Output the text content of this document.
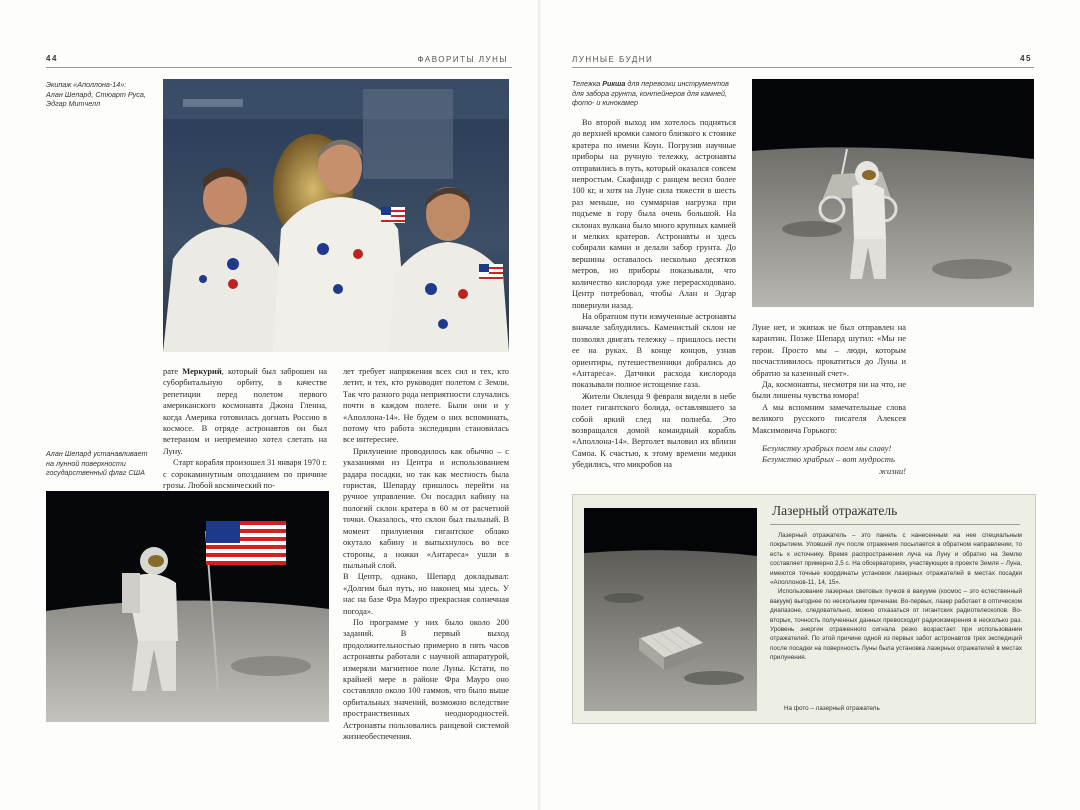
44	ФАВОРИТЫ ЛУНЫ	ЛУННЫЕ БУДНИ	45
Экипаж «Аполлона-14»:
Алан Шепард, Стюарт Руса,
Эдгар Митчелл
Алан Шепард устанавливает
на лунной поверхности
государственный флаг США

рате Меркурий, который был заброшен на суборбитальную орбиту, в качестве репетиции перед полетом первого американского космонавта Джона Гленна, когда Америка готовилась догнать Россию в космосе. В отряде астронавтов он был ветераном и непременно хотел слетать на Луну.

Старт корабля произошел 31 января 1970 г. с сорокаминутным опозданием по причине грозы. Любой космический по-

лет требует напряжения всех сил и тех, кто летит, и тех, кто руководит полетом с Земли. Так что разного рода неприятности случались почти в каждом полете. Были они и у «Аполлона-14». Не будем о них вспоминать, потому что работа экспедиции становилась все интереснее.

Прилунение проводилось как обычно – с указаниями из Центра и использованием радара посадки, но так как местность была гористая, Шепарду пришлось перейти на ручное управление. Он посадил кабину на пологий склон кратера в 60 м от расчетной точки. Оказалось, что склон был пыльный. В момент прилунения гигантское облако окутало кабину и выпыхнулось во все стороны, а ножки «Антареса» ушли в пыльный слой.

В Центр, однако, Шепард докладывал: «Долгим был путь, но наконец мы здесь. У нас на базе Фра Мауро прекрасная солнечная погода».

По программе у них было около 200 заданий. В первый выход продолжительностью примерно в пять часов астронавты работали с научной аппаратурой, измеряли магнитное поле Луны. Кстати, по крайней мере в районе Фра Мауро оно составляло около 100 гаммов, что было выше орбитальных значений, возможно вследствие пространственных неоднородностей. Астронавты пользовались ранцевой системой жизнеобеспечения.

Тележка Рикша для перевозки инструментов для забора грунта, контейнеров для камней, фото- и кинокамер

Во второй выход им хотелось подняться до верхней кромки самого близкого к стоянке кратера по имени Коун. Погрузив научные приборы на ручную тележку, астронавты отправились в путь, который оказался совсем непростым. Скафандр с ранцем весил более 100 кг, и хотя на Луне сила тяжести в шесть раз меньше, но суммарная нагрузка при подъеме в гору была очень большой. На склонах вулкана было много крупных камней и мелких кратеров. Астронавты и здесь собирали камни и делали забор грунта. До вершины оставалось несколько десятков метров, но приборы показывали, что количество кислорода уже перерасходовано. Центр потребовал, чтобы Алан и Эдгар повернули назад.

На обратном пути измученные астронавты вначале заблудились. Каменистый склон не позволял двигать тележку – пришлось нести ее на руках. В конце концов, узнав ориентиры, путешественники добрались до «Антареса». Датчики расхода кислорода показывали полное истощение газа.

Жители Окленда 9 февраля видели в небе полет гигантского болида, оставлявшего за собой яркий след на полнеба. Это возвращался домой командный корабль «Аполлона-14». Вертолет выловил их вблизи Самоа. К счастью, к этому времени медики убедились, что микробов на

Луне нет, и экипаж не был отправлен на карантин. Позже Шепард шутил: «Мы не герои. Просто мы – люди, которым посчастливилось прокатиться до Луны и обратно за казенный счет».

Да, космонавты, несмотря ни на что, не были лишены чувства юмора!

А мы вспомним замечательные слова великого русского писателя Алексея Максимовича Горького:

Безумству храбрых поем мы славу!
Безумство храбрых – вот мудрость
жизни!
Лазерный отражатель

Лазерный отражатель – это панель с нанесенным на нее специальным покрытием. Уловший луч после отражения посылается в обратном направлении, то есть к источнику. Время распространения луча на Луну и обратно на Землю составляет примерно 2,5 с. На обсерваториях, участвующих в проекте Земля – Луна, имеются точные координаты установок лазерных отражателей в местах посадки «Аполлонов-11, 14, 15».

Использование лазерных световых пучков в вакууме (космос – это естественный вакуум) выгоднее по нескольким причинам. Во-первых, лазер работает в оптическом диапазоне, следовательно, можно отказаться от гигантских радиотелескопов. Во-вторых, точность полученных данных превосходит радиоизмерения в несколько раз. Уровень энергии отраженного сигнала резко возрастает при использовании отражателей. По этой причине одной из первых забот астронавтов трех экспедиций после посадки на поверхность Луны была установка лазерных отражателей в местах прилунения.

На фото – лазерный отражатель
